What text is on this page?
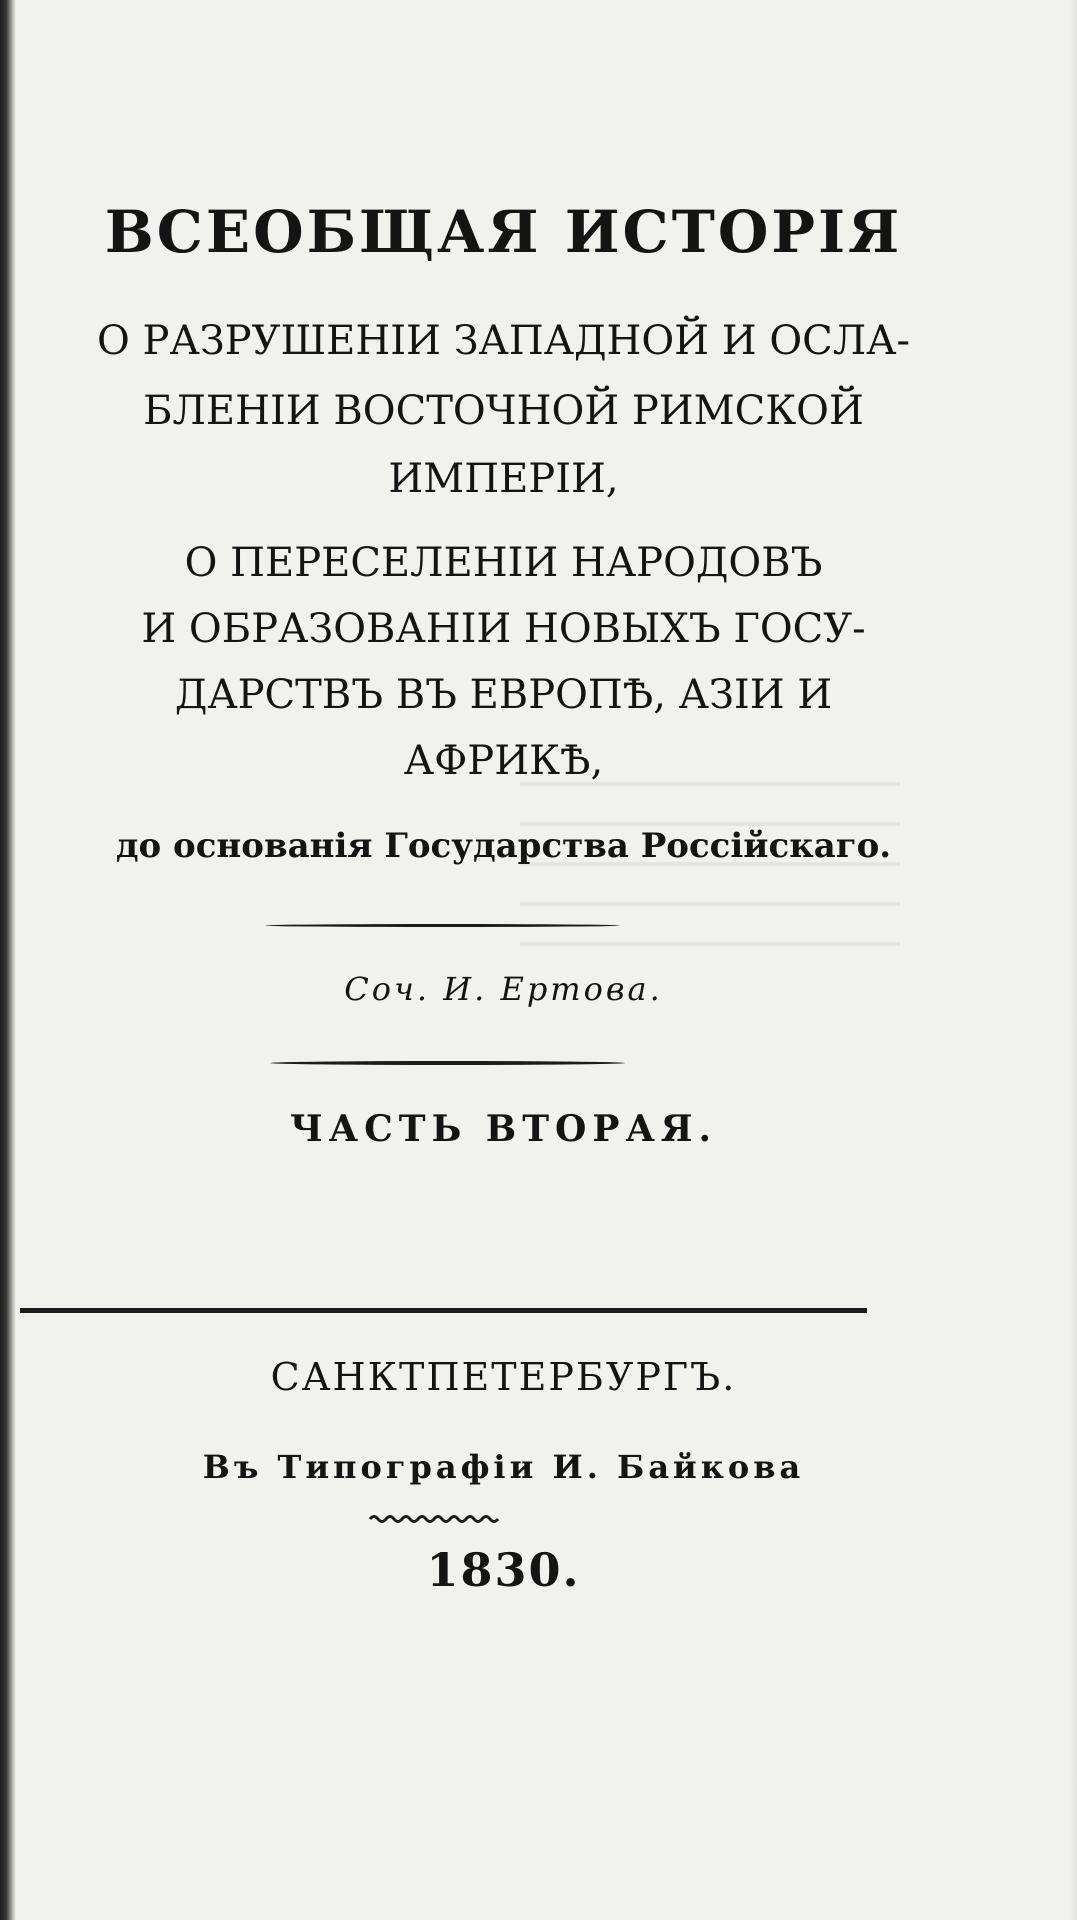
ВСЕОБЩАЯ ИСТОРІЯ
О РАЗРУШЕНІИ ЗАПАДНОЙ И ОСЛА-
БЛЕНІИ ВОСТОЧНОЙ РИМСКОЙ
ИМПЕРІИ,
О ПЕРЕСЕЛЕНІИ НАРОДОВЪ
И ОБРАЗОВАНІИ НОВЫХЪ ГОСУ-
ДАРСТВЪ ВЪ ЕВРОПѢ, АЗІИ И
АФРИКѢ,
до основанія Государства Россійскаго.
Соч. И. Ертова.
ЧАСТЬ ВТОРАЯ.
САНКТПЕТЕРБУРГЪ.
Въ Типографіи И. Байкова
1830.
